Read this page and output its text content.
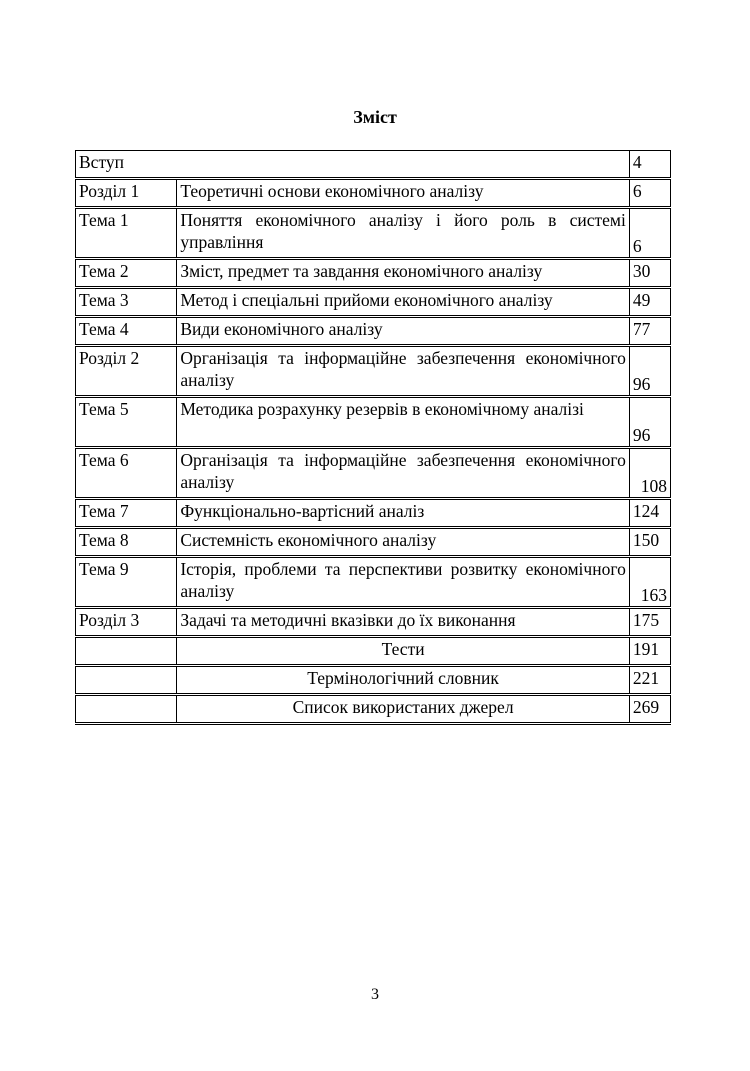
Зміст
Вступ		4
Розділ 1	Теоретичні основи економічного аналізу	6
Тема 1	Поняття економічного аналізу і його роль в системі управління	6
Тема 2	Зміст, предмет та завдання економічного аналізу	30
Тема 3	Метод і спеціальні прийоми економічного аналізу	49
Тема 4	Види економічного аналізу	77
Розділ 2	Організація та інформаційне забезпечення економічного аналізу	96
Тема 5	Методика розрахунку резервів в економічному аналізі	96
Тема 6	Організація та інформаційне забезпечення економічного аналізу	108
Тема 7	Функціонально-вартісний аналіз	124
Тема 8	Системність економічного аналізу	150
Тема 9	Історія, проблеми та перспективи розвитку економічного аналізу	163
Розділ 3	Задачі та методичні вказівки до їх виконання	175
	Тести	191
	Термінологічний словник	221
	Список використаних джерел	269
3
